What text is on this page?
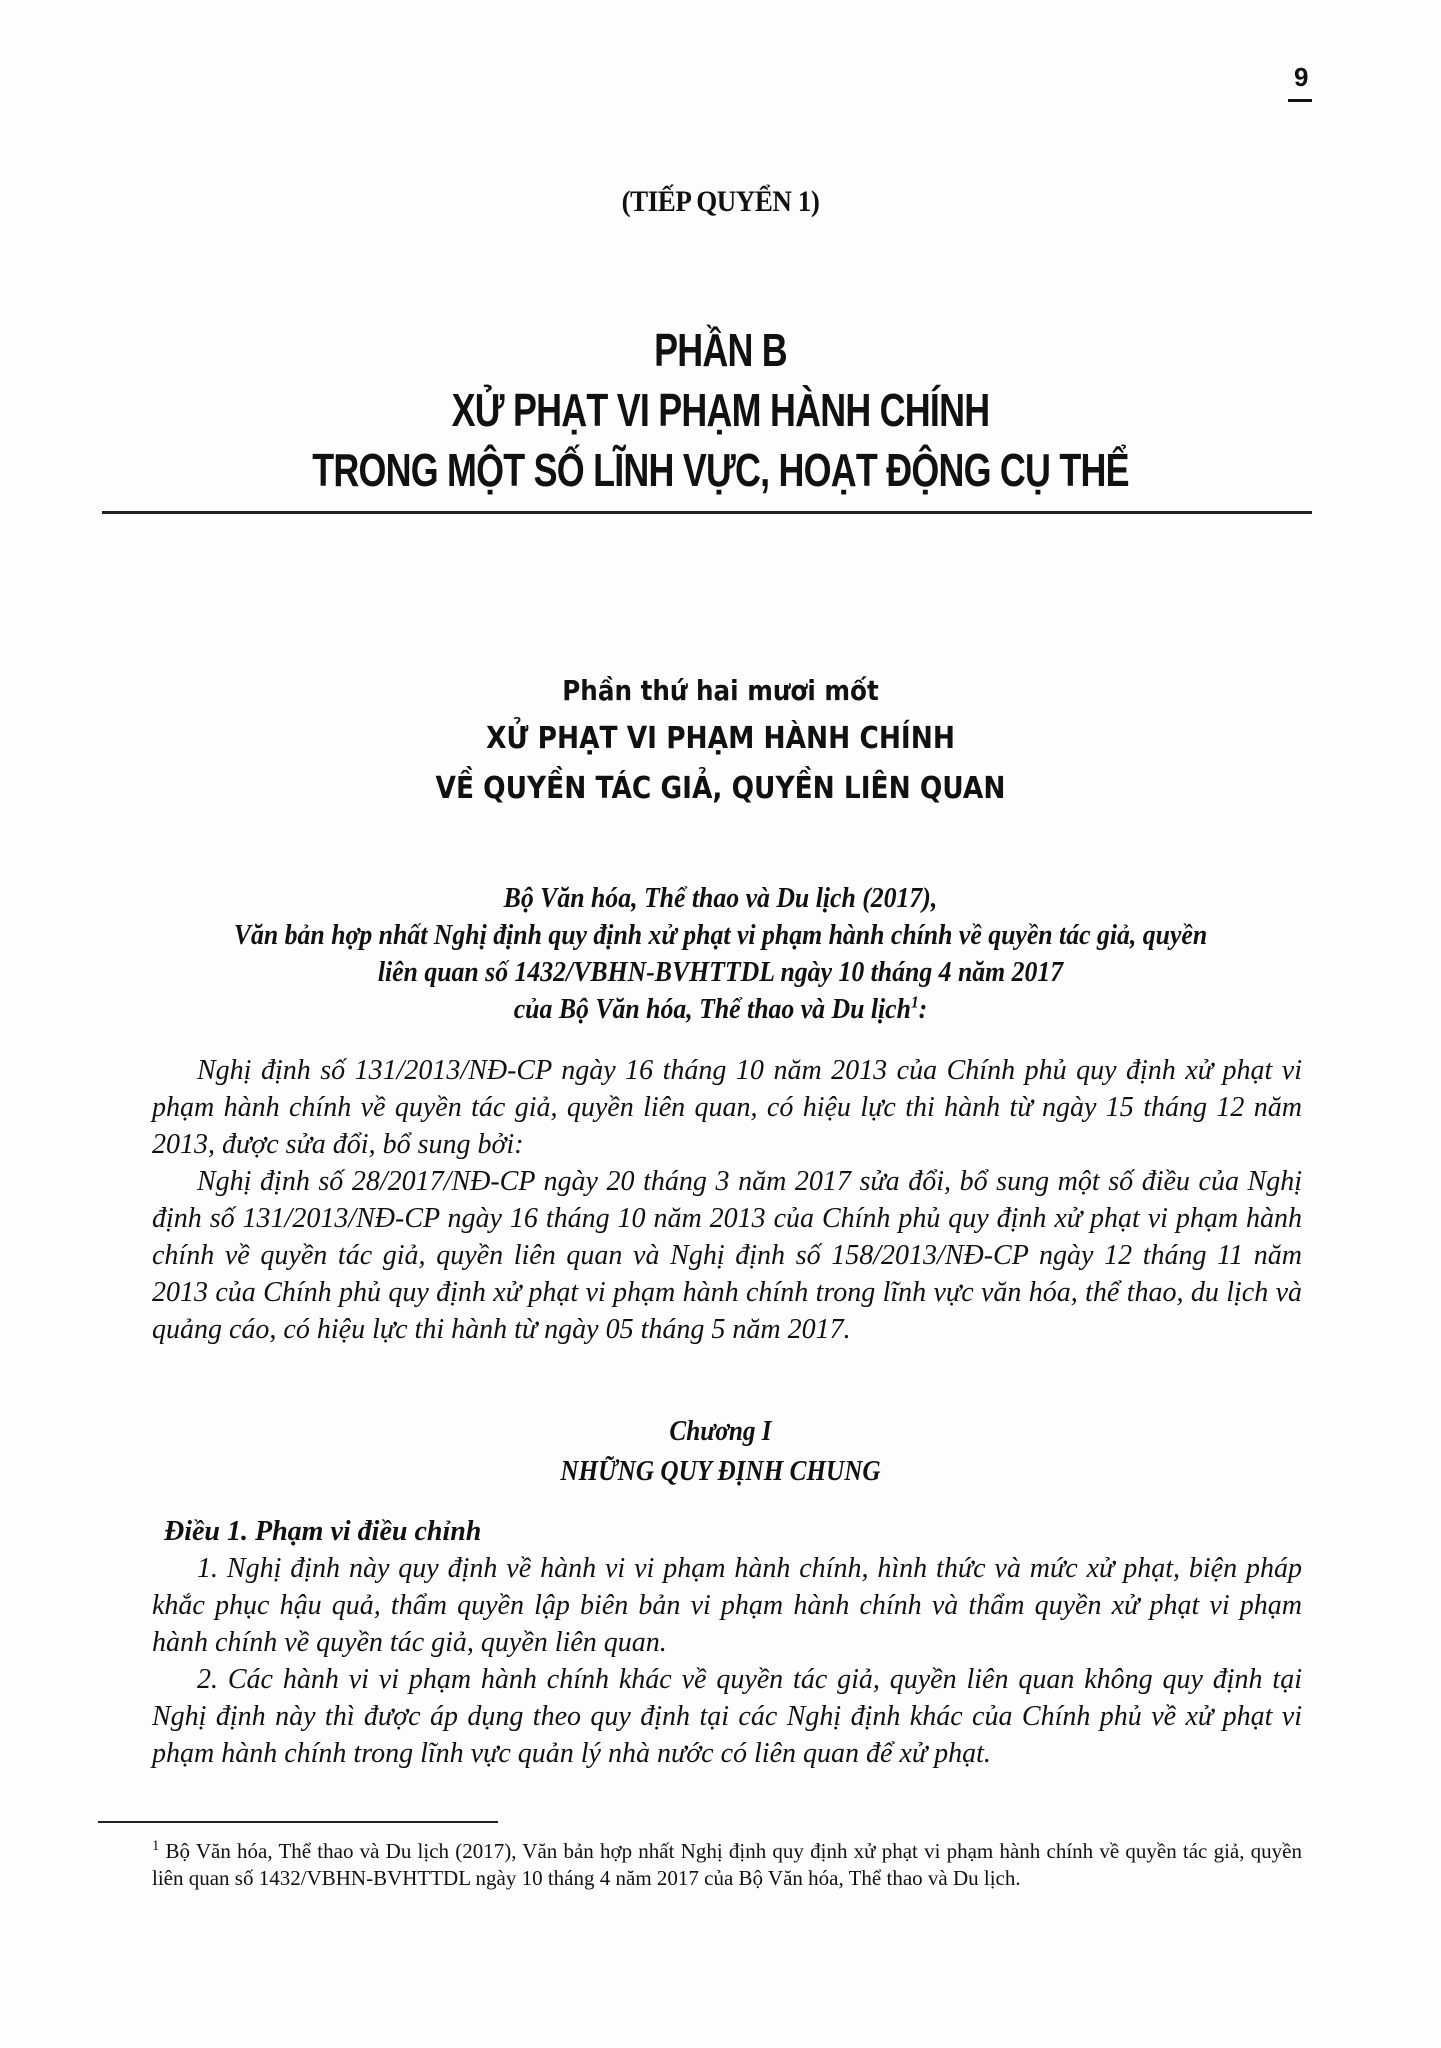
9
(TIẾP QUYỂN 1)
PHẦN B
XỬ PHẠT VI PHẠM HÀNH CHÍNH
TRONG MỘT SỐ LĨNH VỰC, HOẠT ĐỘNG CỤ THỂ
Phần thứ hai mươi mốt
XỬ PHẠT VI PHẠM HÀNH CHÍNH
VỀ QUYỀN TÁC GIẢ, QUYỀN LIÊN QUAN
Bộ Văn hóa, Thể thao và Du lịch (2017),
Văn bản hợp nhất Nghị định quy định xử phạt vi phạm hành chính về quyền tác giả, quyền
liên quan số 1432/VBHN-BVHTTDL ngày 10 tháng 4 năm 2017
của Bộ Văn hóa, Thể thao và Du lịch$^1$:

Nghị định số 131/2013/NĐ-CP ngày 16 tháng 10 năm 2013 của Chính phủ quy định xử phạt vi phạm hành chính về quyền tác giả, quyền liên quan, có hiệu lực thi hành từ ngày 15 tháng 12 năm 2013, được sửa đổi, bổ sung bởi:

Nghị định số 28/2017/NĐ-CP ngày 20 tháng 3 năm 2017 sửa đổi, bổ sung một số điều của Nghị định số 131/2013/NĐ-CP ngày 16 tháng 10 năm 2013 của Chính phủ quy định xử phạt vi phạm hành chính về quyền tác giả, quyền liên quan và Nghị định số 158/2013/NĐ-CP ngày 12 tháng 11 năm 2013 của Chính phủ quy định xử phạt vi phạm hành chính trong lĩnh vực văn hóa, thể thao, du lịch và quảng cáo, có hiệu lực thi hành từ ngày 05 tháng 5 năm 2017.

Chương I
NHỮNG QUY ĐỊNH CHUNG
Điều 1. Phạm vi điều chỉnh

1. Nghị định này quy định về hành vi vi phạm hành chính, hình thức và mức xử phạt, biện pháp khắc phục hậu quả, thẩm quyền lập biên bản vi phạm hành chính và thẩm quyền xử phạt vi phạm hành chính về quyền tác giả, quyền liên quan.

2. Các hành vi vi phạm hành chính khác về quyền tác giả, quyền liên quan không quy định tại Nghị định này thì được áp dụng theo quy định tại các Nghị định khác của Chính phủ về xử phạt vi phạm hành chính trong lĩnh vực quản lý nhà nước có liên quan để xử phạt.

$^1$ Bộ Văn hóa, Thể thao và Du lịch (2017), Văn bản hợp nhất Nghị định quy định xử phạt vi phạm hành chính về quyền tác giả, quyền liên quan số 1432/VBHN-BVHTTDL ngày 10 tháng 4 năm 2017 của Bộ Văn hóa, Thể thao và Du lịch.
